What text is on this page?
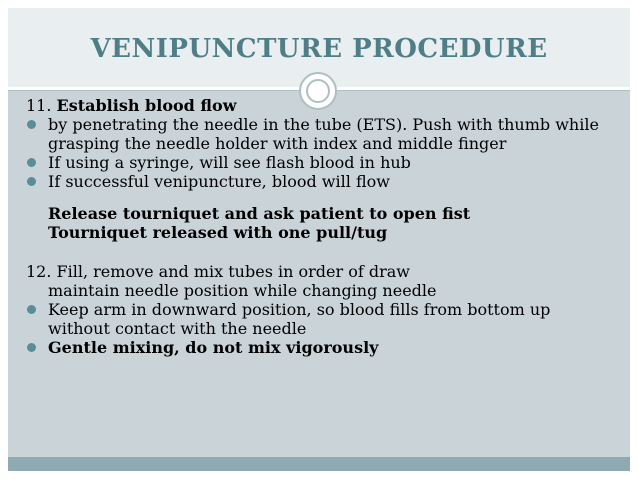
VENIPUNCTURE PROCEDURE
11. Establish blood flow
by penetrating the needle in the tube (ETS). Push with thumb while
grasping the needle holder with index and middle finger
If using a syringe, will see flash blood in hub
If successful venipuncture, blood will flow
Release tourniquet and ask patient to open fist
Tourniquet released with one pull/tug
12. Fill, remove and mix tubes in order of draw
maintain needle position while changing needle
Keep arm in downward position, so blood fills from bottom up
without contact with the needle
Gentle mixing, do not mix vigorously
